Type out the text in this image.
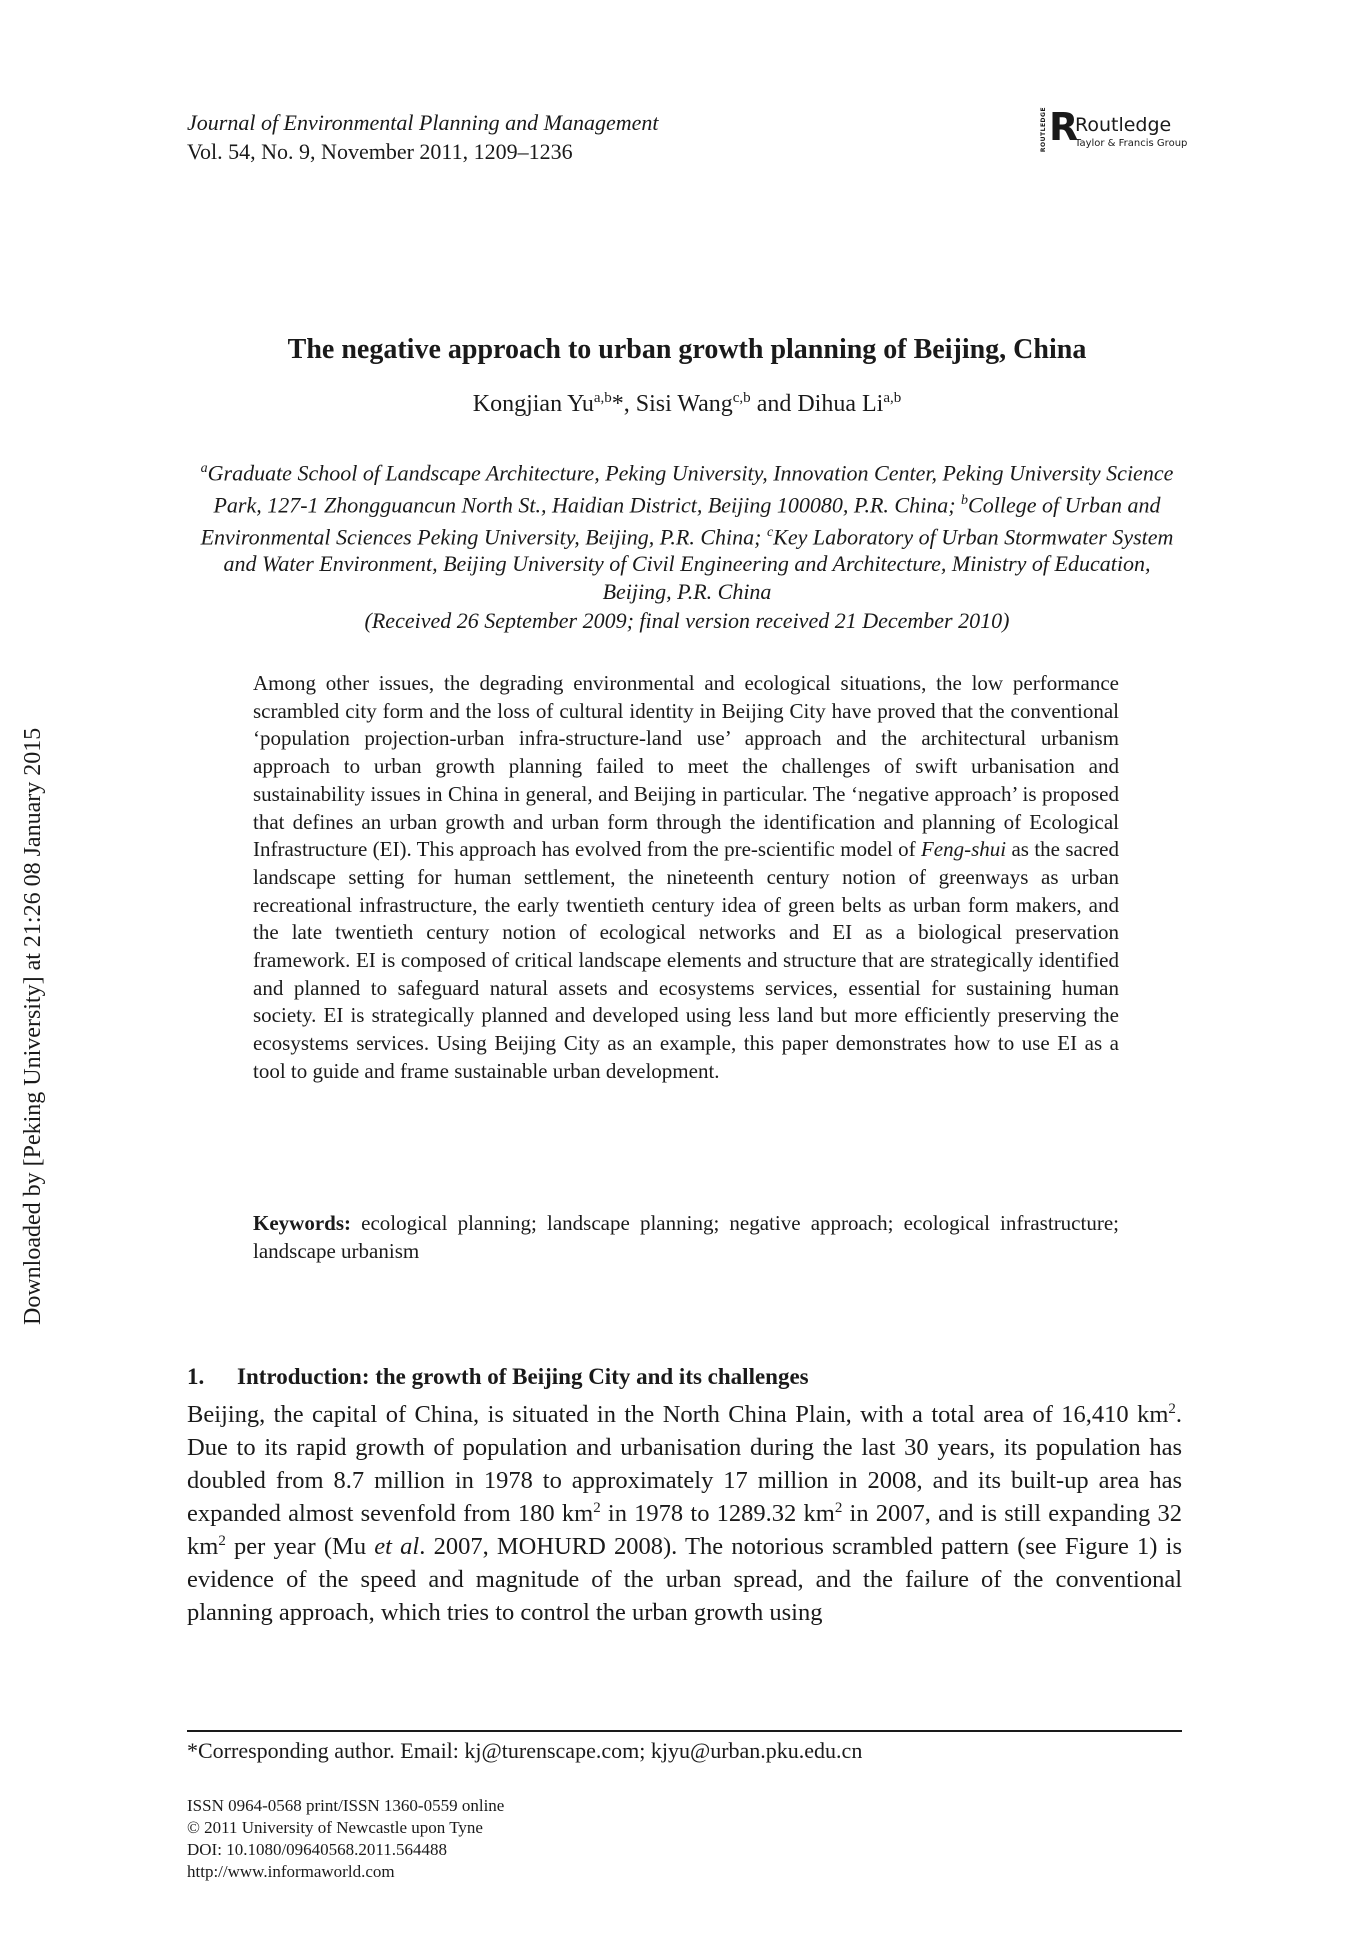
Downloaded by [Peking University] at 21:26 08 January 2015
Journal of Environmental Planning and Management
Vol. 54, No. 9, November 2011, 1209–1236	ROUTLEDGE R
Routledge
Taylor & Francis Group
The negative approach to urban growth planning of Beijing, China
Kongjian Yu$^{a,b}$*, Sisi Wang$^{c,b}$ and Dihua Li$^{a,b}$
$^a$Graduate School of Landscape Architecture, Peking University, Innovation Center, Peking University Science Park, 127-1 Zhongguancun North St., Haidian District, Beijing 100080, P.R. China; $^b$College of Urban and Environmental Sciences Peking University, Beijing, P.R. China; $^c$Key Laboratory of Urban Stormwater System and Water Environment, Beijing University of Civil Engineering and Architecture, Ministry of Education, Beijing, P.R. China
(Received 26 September 2009; final version received 21 December 2010)

Among other issues, the degrading environmental and ecological situations, the low performance scrambled city form and the loss of cultural identity in Beijing City have proved that the conventional ‘population projection-urban infra-structure-land use’ approach and the architectural urbanism approach to urban growth planning failed to meet the challenges of swift urbanisation and sustainability issues in China in general, and Beijing in particular. The ‘negative approach’ is proposed that defines an urban growth and urban form through the identification and planning of Ecological Infrastructure (EI). This approach has evolved from the pre-scientific model of Feng-shui as the sacred landscape setting for human settlement, the nineteenth century notion of greenways as urban recreational infrastructure, the early twentieth century idea of green belts as urban form makers, and the late twentieth century notion of ecological networks and EI as a biological preservation framework. EI is composed of critical landscape elements and structure that are strategically identified and planned to safeguard natural assets and ecosystems services, essential for sustaining human society. EI is strategically planned and developed using less land but more efficiently preserving the ecosystems services. Using Beijing City as an example, this paper demonstrates how to use EI as a tool to guide and frame sustainable urban development.

Keywords: ecological planning; landscape planning; negative approach; ecological infrastructure; landscape urbanism

1. Introduction: the growth of Beijing City and its challenges

Beijing, the capital of China, is situated in the North China Plain, with a total area of 16,410 $km^2$. Due to its rapid growth of population and urbanisation during the last 30 years, its population has doubled from 8.7 million in 1978 to approximately 17 million in 2008, and its built-up area has expanded almost sevenfold from 180 $km^2$ in 1978 to 1289.32 $km^2$ in 2007, and is still expanding 32 $km^2$ per year (Mu et al. 2007, MOHURD 2008). The notorious scrambled pattern (see Figure 1) is evidence of the speed and magnitude of the urban spread, and the failure of the conventional planning approach, which tries to control the urban growth using

*Corresponding author. Email: kj@turenscape.com; kjyu@urban.pku.edu.cn
ISSN 0964-0568 print/ISSN 1360-0559 online
© 2011 University of Newcastle upon Tyne
DOI: 10.1080/09640568.2011.564488
http://www.informaworld.com
